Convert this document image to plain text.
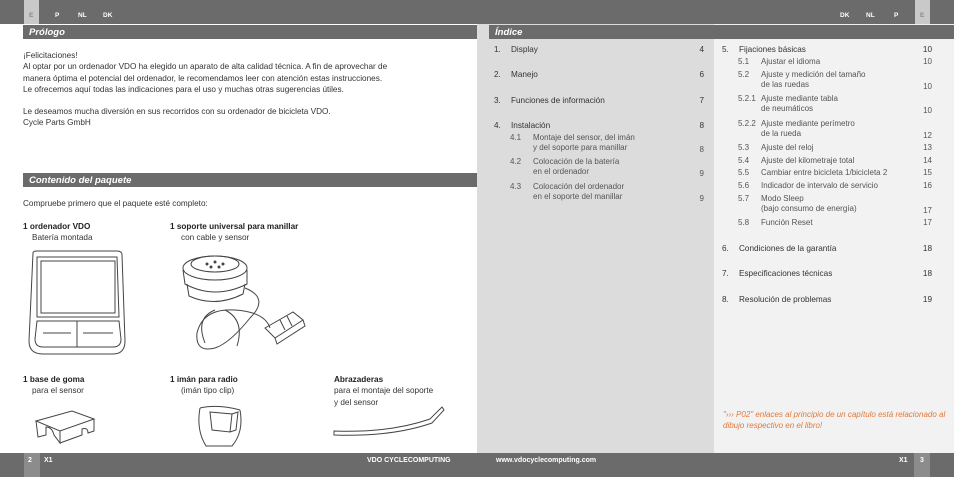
E	P	NL	DK	DK	NL	P	E
Prólogo
¡Felicitaciones!
Al optar por un ordenador VDO ha elegido un aparato de alta calidad técnica. A fin de aprovechar de
manera óptima el potencial del ordenador, le recomendamos leer con atención estas instrucciones.
Le ofrecemos aquí todas las indicaciones para el uso y muchas otras sugerencias útiles.
Le deseamos mucha diversión en sus recorridos con su ordenador de bicicleta VDO.
Cycle Parts GmbH
Contenido del paquete
Compruebe primero que el paquete esté completo:
1 ordenador VDO
Batería montada
1 soporte universal para manillar
con cable y sensor
1 base de goma
para el sensor
1 imán para radio
(imán tipo clip)
Abrazaderas
para el montaje del soporte
y del sensor
Índice
1. Display	4
2. Manejo	6
3. Funciones de información	7
4. Instalación	8
4.1 Montaje del sensor, del imán
y del soporte para manillar	8
4.2 Colocación de la batería
en el ordenador	9
4.3 Colocación del ordenador
en el soporte del manillar	9
5. Fijaciones básicas	10
5.1 Ajustar el idioma	10
5.2 Ajuste y medición del tamaño
de las ruedas	10
5.2.1 Ajuste mediante tabla
de neumáticos	10
5.2.2 Ajuste mediante perímetro
de la rueda	12
5.3 Ajuste del reloj	13
5.4 Ajuste del kilometraje total	14
5.5 Cambiar entre bicicleta 1/bicicleta 2	15
5.6 Indicador de intervalo de servicio	16
5.7 Modo Sleep
(bajo consumo de energía)	17
5.8 Función Reset	17
6. Condiciones de la garantía	18
7. Especificaciones técnicas	18
8. Resolución de problemas	19
"››› P02" enlaces al principio de un capítulo está relacionado al dibujo respectivo en el libro!
2 X1	VDO CYCLECOMPUTING	www.vdocyclecomputing.com	X1 3
